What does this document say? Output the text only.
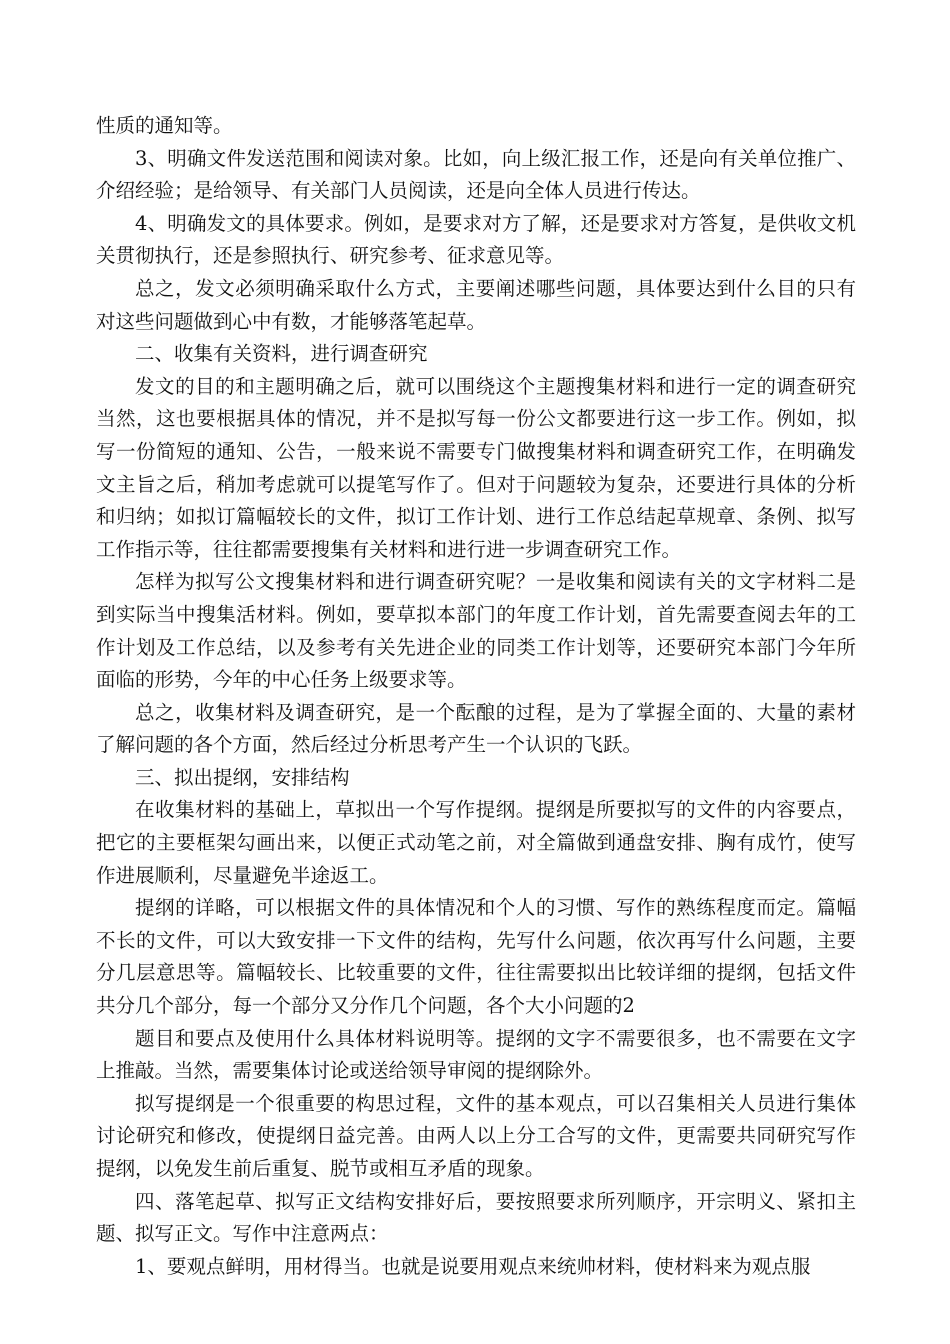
性质的通知等。

3、明确文件发送范围和阅读对象。比如，向上级汇报工作，还是向有关单位推广、介绍经验；是给领导、有关部门人员阅读，还是向全体人员进行传达。

4、明确发文的具体要求。例如，是要求对方了解，还是要求对方答复，是供收文机关贯彻执行，还是参照执行、研究参考、征求意见等。

总之，发文必须明确采取什么方式，主要阐述哪些问题，具体要达到什么目的只有对这些问题做到心中有数，才能够落笔起草。

二、收集有关资料，进行调查研究

发文的目的和主题明确之后，就可以围绕这个主题搜集材料和进行一定的调查研究当然，这也要根据具体的情况，并不是拟写每一份公文都要进行这一步工作。例如，拟写一份简短的通知、公告，一般来说不需要专门做搜集材料和调查研究工作，在明确发文主旨之后，稍加考虑就可以提笔写作了。但对于问题较为复杂，还要进行具体的分析和归纳；如拟订篇幅较长的文件，拟订工作计划、进行工作总结起草规章、条例、拟写工作指示等，往往都需要搜集有关材料和进行进一步调查研究工作。

怎样为拟写公文搜集材料和进行调查研究呢？一是收集和阅读有关的文字材料二是到实际当中搜集活材料。例如，要草拟本部门的年度工作计划，首先需要查阅去年的工作计划及工作总结，以及参考有关先进企业的同类工作计划等，还要研究本部门今年所面临的形势，今年的中心任务上级要求等。

总之，收集材料及调查研究，是一个酝酿的过程，是为了掌握全面的、大量的素材了解问题的各个方面，然后经过分析思考产生一个认识的飞跃。

三、拟出提纲，安排结构

在收集材料的基础上，草拟出一个写作提纲。提纲是所要拟写的文件的内容要点，把它的主要框架勾画出来，以便正式动笔之前，对全篇做到通盘安排、胸有成竹，使写作进展顺利，尽量避免半途返工。

提纲的详略，可以根据文件的具体情况和个人的习惯、写作的熟练程度而定。篇幅不长的文件，可以大致安排一下文件的结构，先写什么问题，依次再写什么问题，主要分几层意思等。篇幅较长、比较重要的文件，往往需要拟出比较详细的提纲，包括文件共分几个部分，每一个部分又分作几个问题，各个大小问题的2

题目和要点及使用什么具体材料说明等。提纲的文字不需要很多，也不需要在文字上推敲。当然，需要集体讨论或送给领导审阅的提纲除外。

拟写提纲是一个很重要的构思过程，文件的基本观点，可以召集相关人员进行集体讨论研究和修改，使提纲日益完善。由两人以上分工合写的文件，更需要共同研究写作提纲，以免发生前后重复、脱节或相互矛盾的现象。

四、落笔起草、拟写正文结构安排好后，要按照要求所列顺序，开宗明义、紧扣主题、拟写正文。写作中注意两点：

1、要观点鲜明，用材得当。也就是说要用观点来统帅材料，使材料来为观点服
